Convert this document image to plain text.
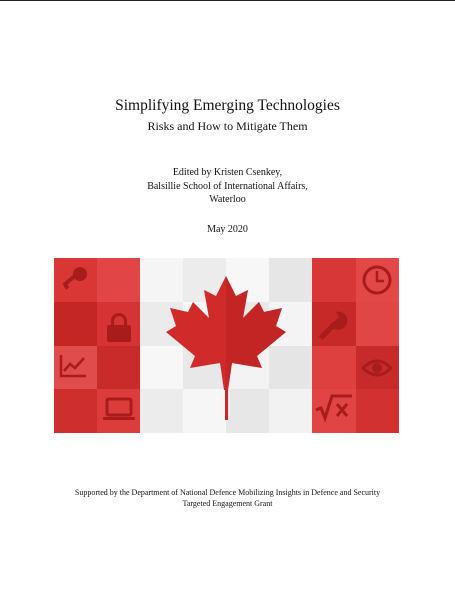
Simplifying Emerging Technologies
Risks and How to Mitigate Them
Edited by Kristen Csenkey,
Balsillie School of International Affairs,
Waterloo
May 2020
Supported by the Department of National Defence Mobilizing Insights in Defence and Security
Targeted Engagement Grant
